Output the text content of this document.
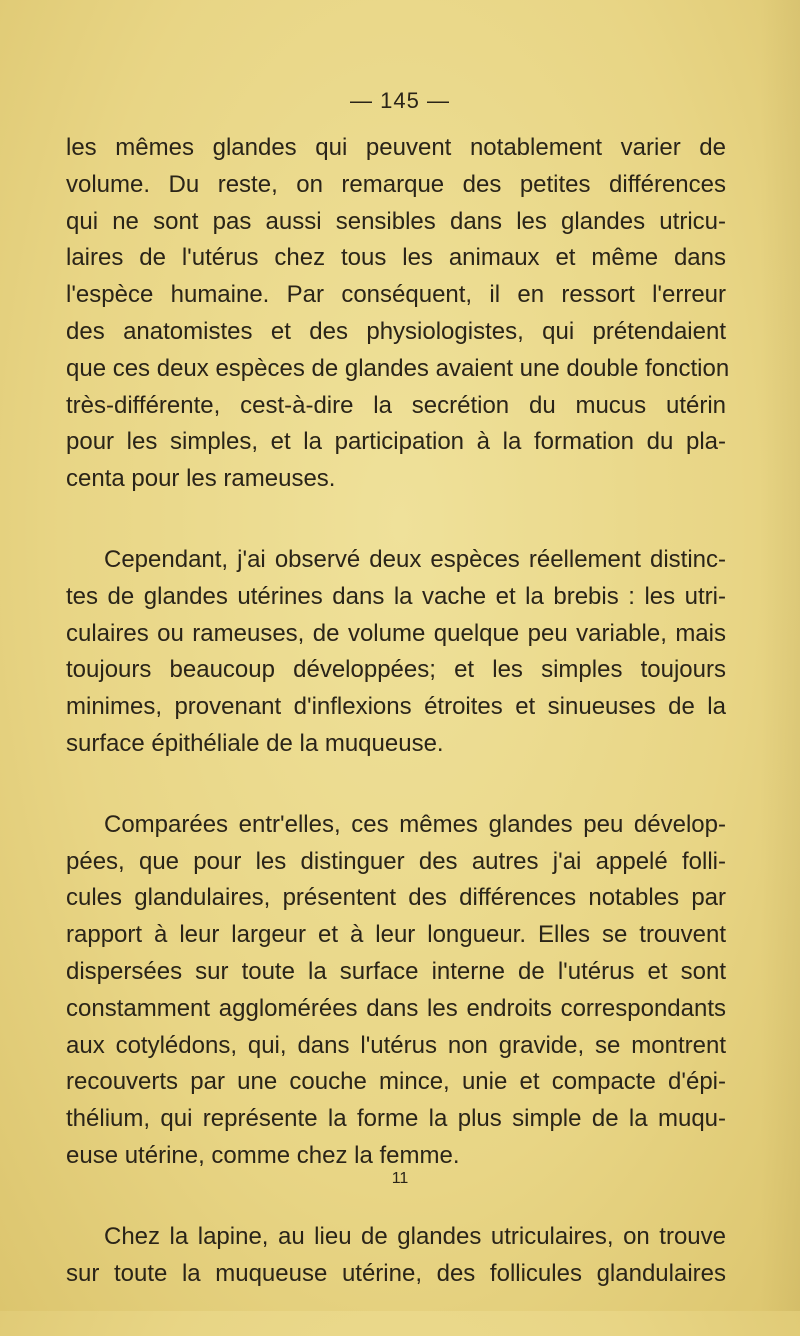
— 145 —

les mêmes glandes qui peuvent notablement varier de
volume. Du reste, on remarque des petites différences
qui ne sont pas aussi sensibles dans les glandes utricu-
laires de l'utérus chez tous les animaux et même dans
l'espèce humaine. Par conséquent, il en ressort l'erreur
des anatomistes et des physiologistes, qui prétendaient
que ces deux espèces de glandes avaient une double fonction
très-différente, cest-à-dire la secrétion du mucus utérin
pour les simples, et la participation à la formation du pla-
centa pour les rameuses.

Cependant, j'ai observé deux espèces réellement distinc-
tes de glandes utérines dans la vache et la brebis : les utri-
culaires ou rameuses, de volume quelque peu variable, mais
toujours beaucoup développées; et les simples toujours
minimes, provenant d'inflexions étroites et sinueuses de la
surface épithéliale de la muqueuse.

Comparées entr'elles, ces mêmes glandes peu dévelop-
pées, que pour les distinguer des autres j'ai appelé folli-
cules glandulaires, présentent des différences notables par
rapport à leur largeur et à leur longueur. Elles se trouvent
dispersées sur toute la surface interne de l'utérus et sont
constamment agglomérées dans les endroits correspondants
aux cotylédons, qui, dans l'utérus non gravide, se montrent
recouverts par une couche mince, unie et compacte d'épi-
thélium, qui représente la forme la plus simple de la muqu-
euse utérine, comme chez la femme.

Chez la lapine, au lieu de glandes utriculaires, on trouve
sur toute la muqueuse utérine, des follicules glandulaires

11
